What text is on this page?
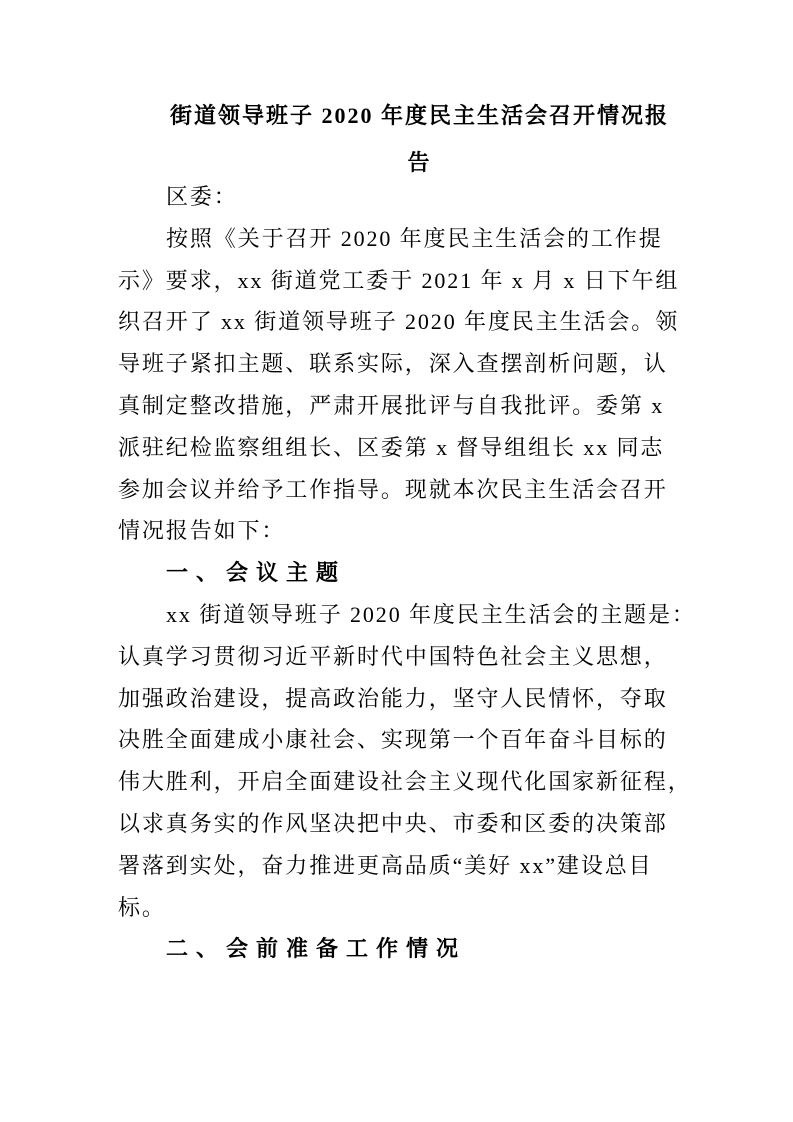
街道领导班子 2020 年度民主生活会召开情况报
告
区委：
按照《关于召开 2020 年度民主生活会的工作提
示》要求，xx 街道党工委于 2021 年 x 月 x 日下午组
织召开了 xx 街道领导班子 2020 年度民主生活会。领
导班子紧扣主题、联系实际，深入查摆剖析问题，认
真制定整改措施，严肃开展批评与自我批评。委第 x
派驻纪检监察组组长、区委第 x 督导组组长 xx 同志
参加会议并给予工作指导。现就本次民主生活会召开
情况报告如下：
一、会议主题
xx 街道领导班子 2020 年度民主生活会的主题是：
认真学习贯彻习近平新时代中国特色社会主义思想，
加强政治建设，提高政治能力，坚守人民情怀，夺取
决胜全面建成小康社会、实现第一个百年奋斗目标的
伟大胜利，开启全面建设社会主义现代化国家新征程，
以求真务实的作风坚决把中央、市委和区委的决策部
署落到实处，奋力推进更高品质“美好 xx”建设总目
标。
二、会前准备工作情况
